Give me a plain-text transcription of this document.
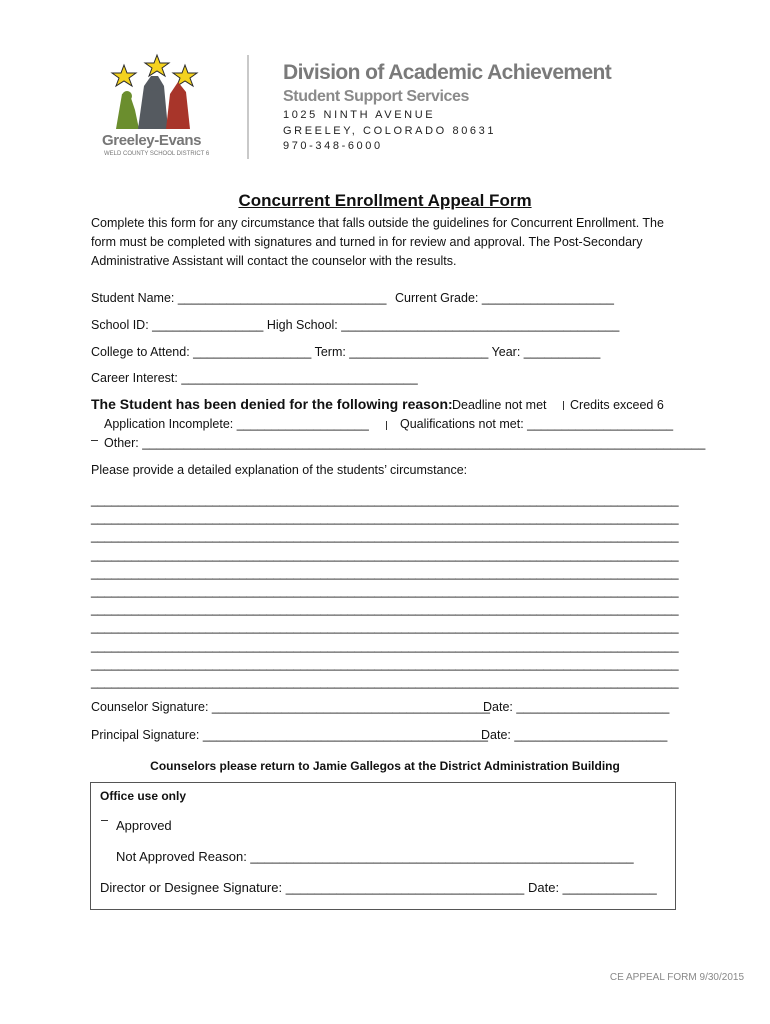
Greeley-Evans
WELD COUNTY SCHOOL DISTRICT 6
Division of Academic Achievement
Student Support Services
1025 NINTH AVENUE
GREELEY, COLORADO 80631
970-348-6000
Concurrent Enrollment Appeal Form
Complete this form for any circumstance that falls outside the guidelines for Concurrent Enrollment. The form must be completed with signatures and turned in for review and approval. The Post-Secondary Administrative Assistant will contact the counselor with the results.
Student Name: ______________________________ Current Grade: ___________________
School ID: ________________ High School: ________________________________________
College to Attend: _________________ Term: ____________________ Year: ___________
Career Interest: __________________________________
The Student has been denied for the following reason: Deadline not met Credits exceed 6
Application Incomplete: ___________________ Qualifications not met: _____________________
Other: _________________________________________________________________________________
Please provide a detailed explanation of the students’ circumstance:
_______________________________________________________________________________________
_______________________________________________________________________________________
_______________________________________________________________________________________
_______________________________________________________________________________________
_______________________________________________________________________________________
_______________________________________________________________________________________
_______________________________________________________________________________________
_______________________________________________________________________________________
_______________________________________________________________________________________
_______________________________________________________________________________________
_______________________________________________________________________________________
Counselor Signature: ________________________________________
Date: ______________________
Principal Signature: _________________________________________
Date: ______________________
Counselors please return to Jamie Gallegos at the District Administration Building
Office use only
Approved
Not Approved Reason: _____________________________________________________
Director or Designee Signature: _________________________________ Date: _____________
CE APPEAL FORM 9/30/2015
